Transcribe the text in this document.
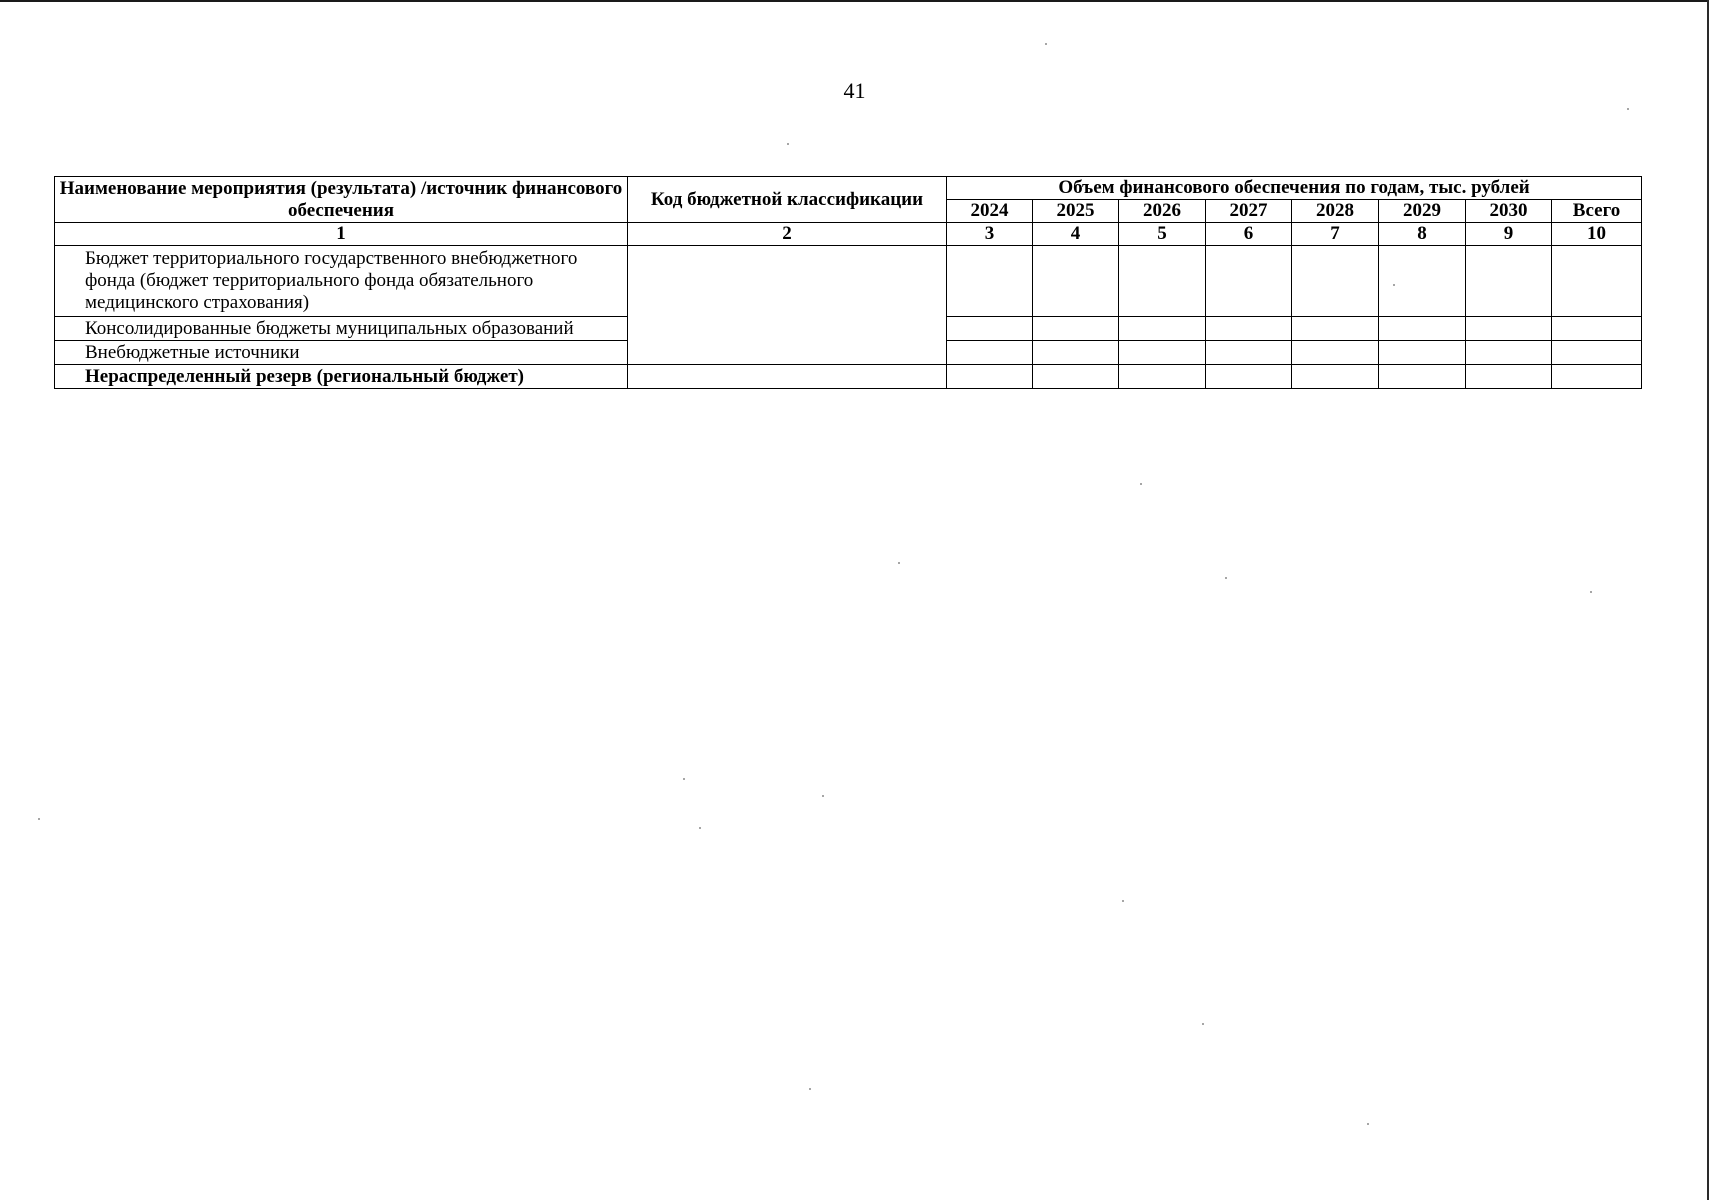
41
Наименование мероприятия (результата) /источник финансового обеспечения	Код бюджетной классификации	Объем финансового обеспечения по годам, тыс. рублей							
		2024	2025	2026	2027	2028	2029	2030	Всего
1	2	3	4	5	6	7	8	9	10
Бюджет территориального государственного внебюджетного фонда (бюджет территориального фонда обязательного медицинского страхования)									
Консолидированные бюджеты муниципальных образований									
Внебюджетные источники									
Нераспределенный резерв (региональный бюджет)									
